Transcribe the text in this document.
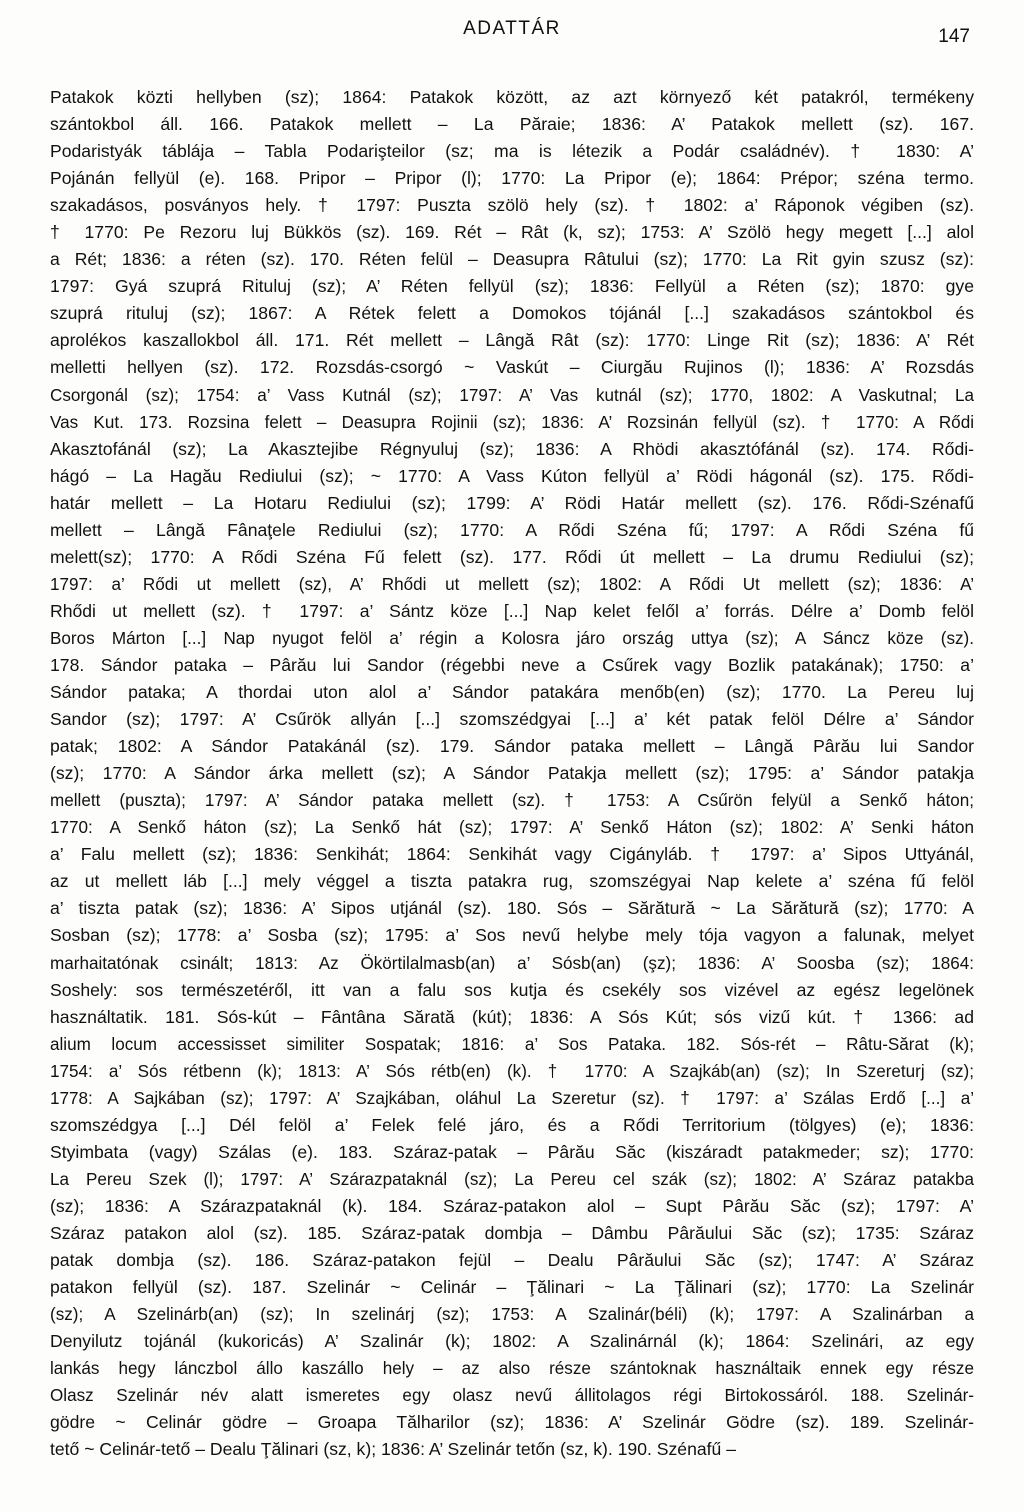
ADATTÁR	147
Patakok közti hellyben (sz); 1864: Patakok között, az azt környező két patakról, termékeny
szántokbol áll. 166. Patakok mellett – La Păraie; 1836: A’ Patakok mellett (sz). 167.
Podaristyák táblája – Tabla Podarişteilor (sz; ma is létezik a Podár családnév). † 1830: A’
Pojánán fellyül (e). 168. Pripor – Pripor (l); 1770: La Pripor (e); 1864: Prépor; széna termo.
szakadásos, posványos hely. † 1797: Puszta szölö hely (sz). † 1802: a’ Ráponok végiben (sz).
† 1770: Pe Rezoru luj Bükkös (sz). 169. Rét – Rât (k, sz); 1753: A’ Szölö hegy megett [...] alol
a Rét; 1836: a réten (sz). 170. Réten felül – Deasupra Râtului (sz); 1770: La Rit gyin szusz (sz):
1797: Gyá szuprá Rituluj (sz); A’ Réten fellyül (sz); 1836: Fellyül a Réten (sz); 1870: gye
szuprá rituluj (sz); 1867: A Rétek felett a Domokos tójánál [...] szakadásos szántokbol és
aprolékos kaszallokbol áll. 171. Rét mellett – Lângă Rât (sz): 1770: Linge Rit (sz); 1836: A’ Rét
melletti hellyen (sz). 172. Rozsdás-csorgó ~ Vaskút – Ciurgău Rujinos (l); 1836: A’ Rozsdás
Csorgonál (sz); 1754: a’ Vass Kutnál (sz); 1797: A’ Vas kutnál (sz); 1770, 1802: A Vaskutnal; La
Vas Kut. 173. Rozsina felett – Deasupra Rojinii (sz); 1836: A’ Rozsinán fellyül (sz). † 1770: A Rődi
Akasztofánál (sz); La Akasztejibe Régnyuluj (sz); 1836: A Rhödi akasztófánál (sz). 174. Rődi-
hágó – La Hagău Rediului (sz); ~ 1770: A Vass Kúton fellyül a’ Rödi hágonál (sz). 175. Rődi-
határ mellett – La Hotaru Rediului (sz); 1799: A’ Rödi Határ mellett (sz). 176. Rődi-Szénafű
mellett – Lângă Fânaţele Rediului (sz); 1770: A Rődi Széna fű; 1797: A Rődi Széna fű
melett(sz); 1770: A Rődi Széna Fű felett (sz). 177. Rődi út mellett – La drumu Rediului (sz);
1797: a’ Rődi ut mellett (sz), A’ Rhődi ut mellett (sz); 1802: A Rődi Ut mellett (sz); 1836: A’
Rhődi ut mellett (sz). † 1797: a’ Sántz köze [...] Nap kelet felől a’ forrás. Délre a’ Domb felöl
Boros Márton [...] Nap nyugot felöl a’ régin a Kolosra járo ország uttya (sz); A Sáncz köze (sz).
178. Sándor pataka – Pârău lui Sandor (régebbi neve a Csűrek vagy Bozlik patakának); 1750: a’
Sándor pataka; A thordai uton alol a’ Sándor patakára menőb(en) (sz); 1770. La Pereu luj
Sandor (sz); 1797: A’ Csűrök allyán [...] szomszédgyai [...] a’ két patak felöl Délre a’ Sándor
patak; 1802: A Sándor Patakánál (sz). 179. Sándor pataka mellett – Lângă Pârău lui Sandor
(sz); 1770: A Sándor árka mellett (sz); A Sándor Patakja mellett (sz); 1795: a’ Sándor patakja
mellett (puszta); 1797: A’ Sándor pataka mellett (sz). † 1753: A Csűrön felyül a Senkő háton;
1770: A Senkő háton (sz); La Senkő hát (sz); 1797: A’ Senkő Háton (sz); 1802: A’ Senki háton
a’ Falu mellett (sz); 1836: Senkihát; 1864: Senkihát vagy Cigányláb. † 1797: a’ Sipos Uttyánál,
az ut mellett láb [...] mely véggel a tiszta patakra rug, szomszégyai Nap kelete a’ széna fű felöl
a’ tiszta patak (sz); 1836: A’ Sipos utjánál (sz). 180. Sós – Sărătură ~ La Sărătură (sz); 1770: A
Sosban (sz); 1778: a’ Sosba (sz); 1795: a’ Sos nevű helybe mely tója vagyon a falunak, melyet
marhaitatónak csinált; 1813: Az Ökörtilalmasb(an) a’ Sósb(an) (şz); 1836: A’ Soosba (sz); 1864:
Soshely: sos természetéről, itt van a falu sos kutja és csekély sos vizével az egész legelönek
használtatik. 181. Sós-kút – Fântâna Sărată (kút); 1836: A Sós Kút; sós vizű kút. † 1366: ad
alium locum accessisset similiter Sospatak; 1816: a’ Sos Pataka. 182. Sós-rét – Râtu-Sărat (k);
1754: a’ Sós rétbenn (k); 1813: A’ Sós rétb(en) (k). † 1770: A Szajkáb(an) (sz); In Szereturj (sz);
1778: A Sajkában (sz); 1797: A’ Szajkában, oláhul La Szeretur (sz). † 1797: a’ Szálas Erdő [...] a’
szomszédgya [...] Dél felöl a’ Felek felé járo, és a Rődi Territorium (tölgyes) (e); 1836:
Styimbata (vagy) Szálas (e). 183. Száraz-patak – Pârău Săc (kiszáradt patakmeder; sz); 1770:
La Pereu Szek (l); 1797: A’ Szárazpataknál (sz); La Pereu cel szák (sz); 1802: A’ Száraz patakba
(sz); 1836: A Szárazpataknál (k). 184. Száraz-patakon alol – Supt Pârău Săc (sz); 1797: A’
Száraz patakon alol (sz). 185. Száraz-patak dombja – Dâmbu Pârăului Săc (sz); 1735: Száraz
patak dombja (sz). 186. Száraz-patakon fejül – Dealu Pârăului Săc (sz); 1747: A’ Száraz
patakon fellyül (sz). 187. Szelinár ~ Celinár – Ţălinari ~ La Ţălinari (sz); 1770: La Szelinár
(sz); A Szelinárb(an) (sz); In szelinárj (sz); 1753: A Szalinár(béli) (k); 1797: A Szalinárban a
Denyilutz tojánál (kukoricás) A’ Szalinár (k); 1802: A Szalinárnál (k); 1864: Szelinári, az egy
lankás hegy lánczbol állo kaszállo hely – az also része szántoknak használtaik ennek egy része
Olasz Szelinár név alatt ismeretes egy olasz nevű állitolagos régi Birtokossáról. 188. Szelinár-
gödre ~ Celinár gödre – Groapa Tălharilor (sz); 1836: A’ Szelinár Gödre (sz). 189. Szelinár-
tető ~ Celinár-tető – Dealu Ţălinari (sz, k); 1836: A’ Szelinár tetőn (sz, k). 190. Szénafű –
